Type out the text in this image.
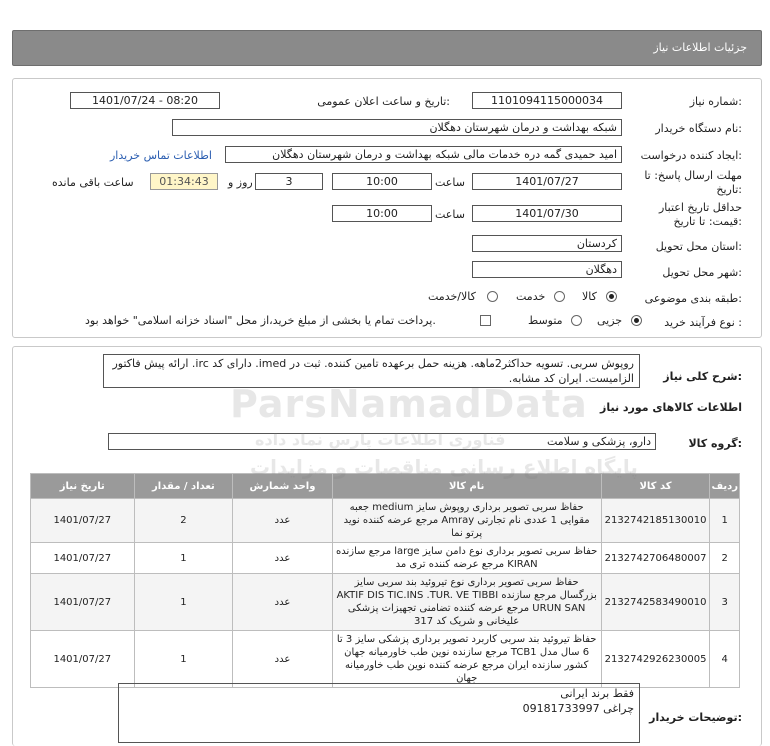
جزئیات اطلاعات نیاز
شماره نیاز:
1101094115000034
تاریخ و ساعت اعلان عمومی:
1401/07/24 - 08:20
نام دستگاه خریدار:
شبکه بهداشت و درمان شهرستان دهگلان
ایجاد کننده درخواست:
امید حمیدی گمه دره خدمات مالی شبکه بهداشت و درمان شهرستان دهگلان
اطلاعات تماس خریدار
مهلت ارسال پاسخ: تا
تاریخ:
1401/07/27
ساعت
10:00
3
روز و
01:34:43
ساعت باقی مانده
حداقل تاریخ اعتبار
قیمت: تا تاریخ:
1401/07/30
ساعت
10:00
استان محل تحویل:
کردستان
شهر محل تحویل:
دهگلان
طبقه بندی موضوعی:
کالا
خدمت
کالا/خدمت
نوع فرآیند خرید :
جزیی
متوسط
پرداخت تمام یا بخشی از مبلغ خرید،از محل "اسناد خزانه اسلامی" خواهد بود.
شرح کلی نیاز:
روپوش سربی. تسویه حداکثر2ماهه. هزینه حمل برعهده تامین کننده. ثبت در imed. دارای کد irc. ارائه پیش فاکتور الزامیست. ایران کد مشابه.
اطلاعات کالاهای مورد نیاز
گروه کالا:
دارو، پزشکی و سلامت
ردیف	کد کالا	نام کالا	واحد شمارش	تعداد / مقدار	تاریخ نیاز
1	2132742185130010	حفاظ سربی تصویر برداری روپوش سایز medium جعبه مقوایی 1 عددی نام تجارتی Amray مرجع عرضه کننده نوید پرتو نما	عدد	2	1401/07/27
2	2132742706480007	حفاظ سربی تصویر برداری نوع دامن سایز large مرجع سازنده KIRAN مرجع عرضه کننده تری مد	عدد	1	1401/07/27
3	2132742583490010	حفاظ سربی تصویر برداری نوع تیروئید بند سربی سایز بزرگسال مرجع سازنده AKTIF DIS TIC.INS .TUR. VE TIBBI URUN SAN مرجع عرضه کننده تضامنی تجهیزات پزشکی علیخانی و شریک کد 317	عدد	1	1401/07/27
4	2132742926230005	حفاظ تیروئید بند سربی کاربرد تصویر برداری پزشکی سایز 3 تا 6 سال مدل TCB1 مرجع سازنده نوین طب خاورمیانه جهان کشور سازنده ایران مرجع عرضه کننده نوین طب خاورمیانه جهان	عدد	1	1401/07/27
توضیحات خریدار:
فقط برند ایرانی
چراغی 09181733997
